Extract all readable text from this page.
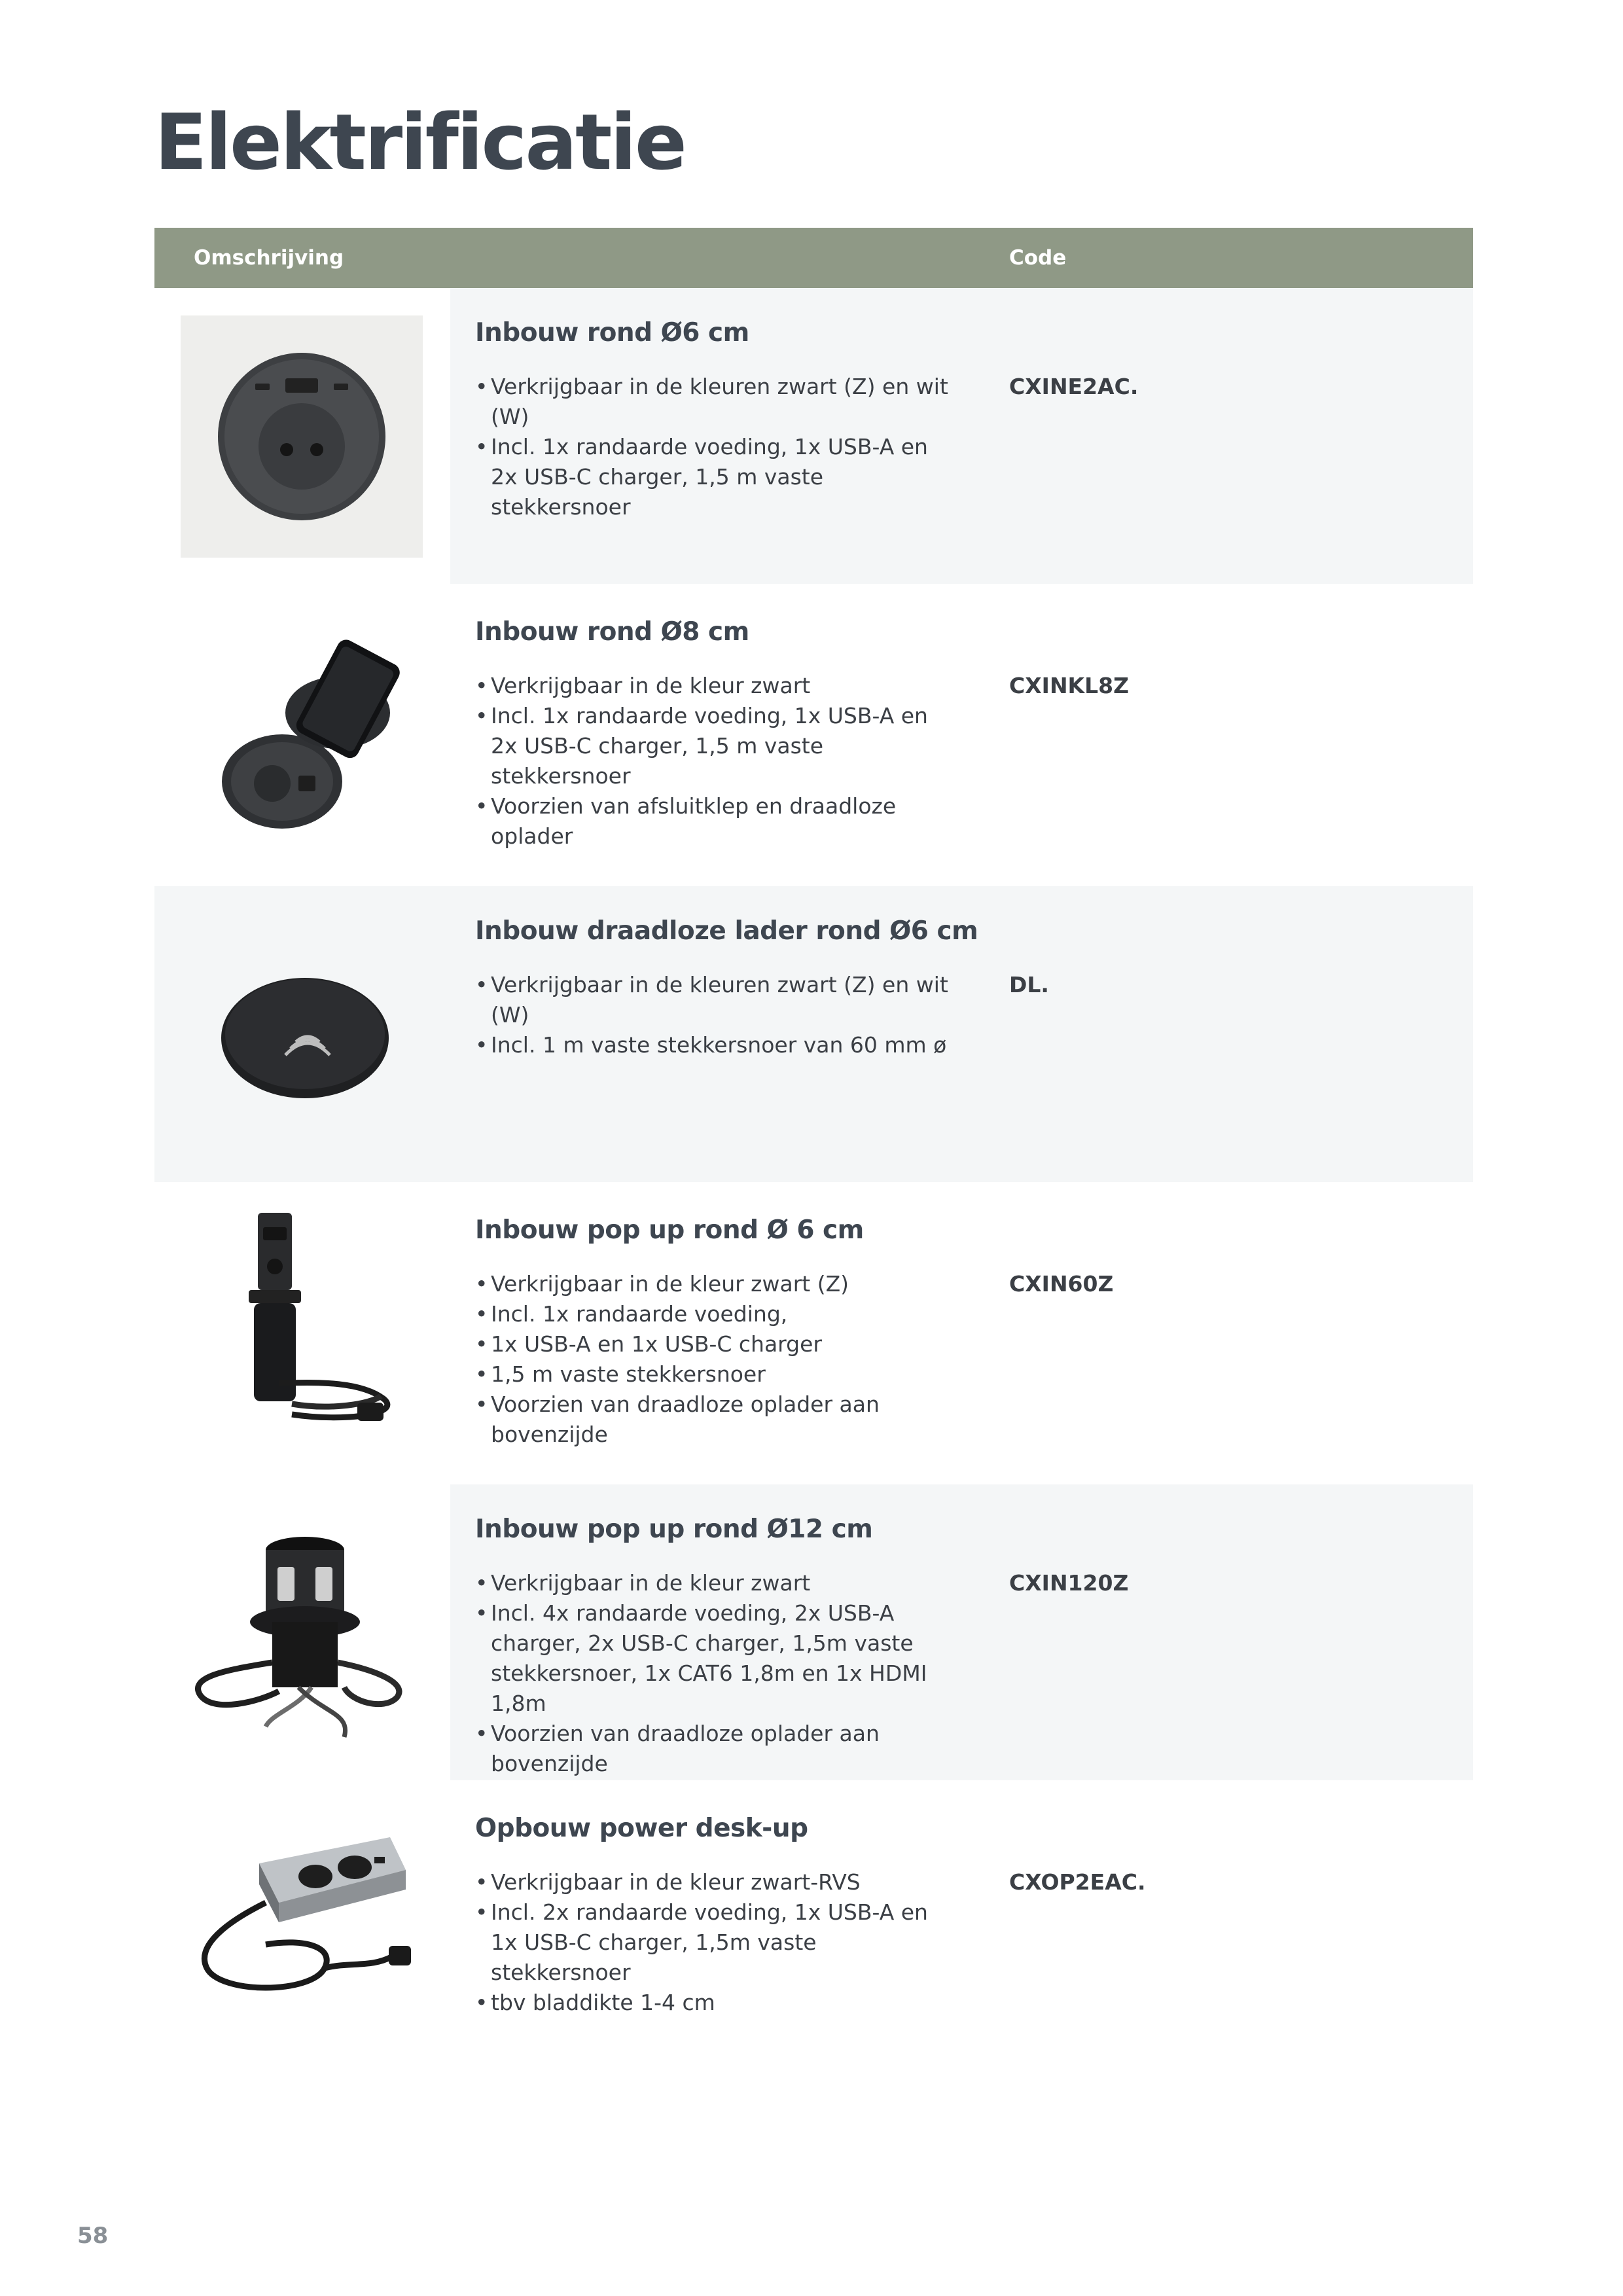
Elektrificatie
Omschrijving	Code
Inbouw rond Ø6 cm
• Verkrijgbaar in de kleuren zwart (Z) en wit (W)
• Incl. 1x randaarde voeding, 1x USB-A en 2x USB-C charger, 1,5 m vaste stekkersnoer
CXINE2AC.
Inbouw rond Ø8 cm
• Verkrijgbaar in de kleur zwart
• Incl. 1x randaarde voeding, 1x USB-A en 2x USB-C charger, 1,5 m vaste stekkersnoer
• Voorzien van afsluitklep en draadloze oplader
CXINKL8Z
Inbouw draadloze lader rond Ø6 cm
• Verkrijgbaar in de kleuren zwart (Z) en wit (W)
• Incl. 1 m vaste stekkersnoer van 60 mm ø
DL.
Inbouw pop up rond Ø 6 cm
• Verkrijgbaar in de kleur zwart (Z)
• Incl. 1x randaarde voeding,
• 1x USB-A en 1x USB-C charger
• 1,5 m vaste stekkersnoer
• Voorzien van draadloze oplader aan bovenzijde
CXIN60Z
Inbouw pop up rond Ø12 cm
• Verkrijgbaar in de kleur zwart
• Incl. 4x randaarde voeding, 2x USB-A charger, 2x USB-C charger, 1,5m vaste stekkersnoer, 1x CAT6 1,8m en 1x HDMI 1,8m
• Voorzien van draadloze oplader aan bovenzijde
CXIN120Z
Opbouw power desk-up
• Verkrijgbaar in de kleur zwart-RVS
• Incl. 2x randaarde voeding, 1x USB-A en 1x USB-C charger, 1,5m vaste stekkersnoer
• tbv bladdikte 1-4 cm
CXOP2EAC.
58
